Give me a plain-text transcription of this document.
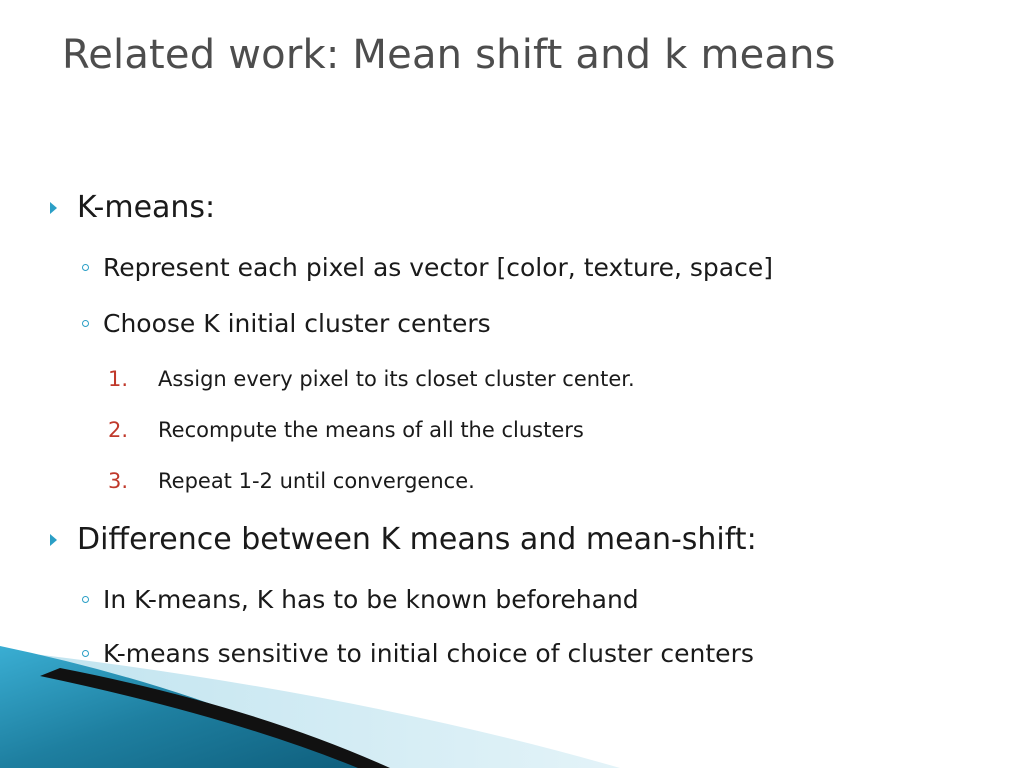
Related work: Mean shift and k means
K-means:
Represent each pixel as vector [color, texture, space]
Choose K initial cluster centers
1.	Assign every pixel to its closet cluster center.
2.	Recompute the means of all the clusters
3.	Repeat 1-2 until convergence.
Difference between K means and mean-shift:
In K-means, K has to be known beforehand
K-means sensitive to initial choice of cluster centers
